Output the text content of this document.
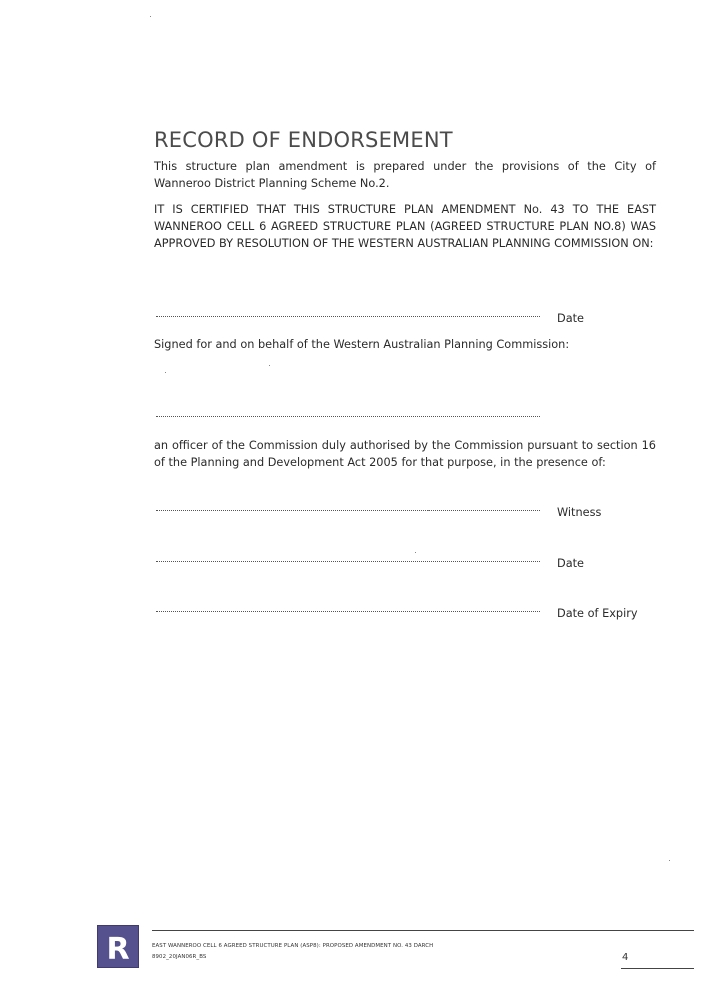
RECORD OF ENDORSEMENT

This structure plan amendment is prepared under the provisions of the City of Wanneroo District Planning Scheme No.2.

IT IS CERTIFIED THAT THIS STRUCTURE PLAN AMENDMENT No. 43 TO THE EAST WANNEROO CELL 6 AGREED STRUCTURE PLAN (AGREED STRUCTURE PLAN NO.8) WAS APPROVED BY RESOLUTION OF THE WESTERN AUSTRALIAN PLANNING COMMISSION ON:

Date

Signed for and on behalf of the Western Australian Planning Commission:

an officer of the Commission duly authorised by the Commission pursuant to section 16 of the Planning and Development Act 2005 for that purpose, in the presence of:

Witness
Date
Date of Expiry
R	EAST WANNEROO CELL 6 AGREED STRUCTURE PLAN (ASP8): PROPOSED AMENDMENT NO. 43 DARCH
8902_20JAN06R_BS	4
